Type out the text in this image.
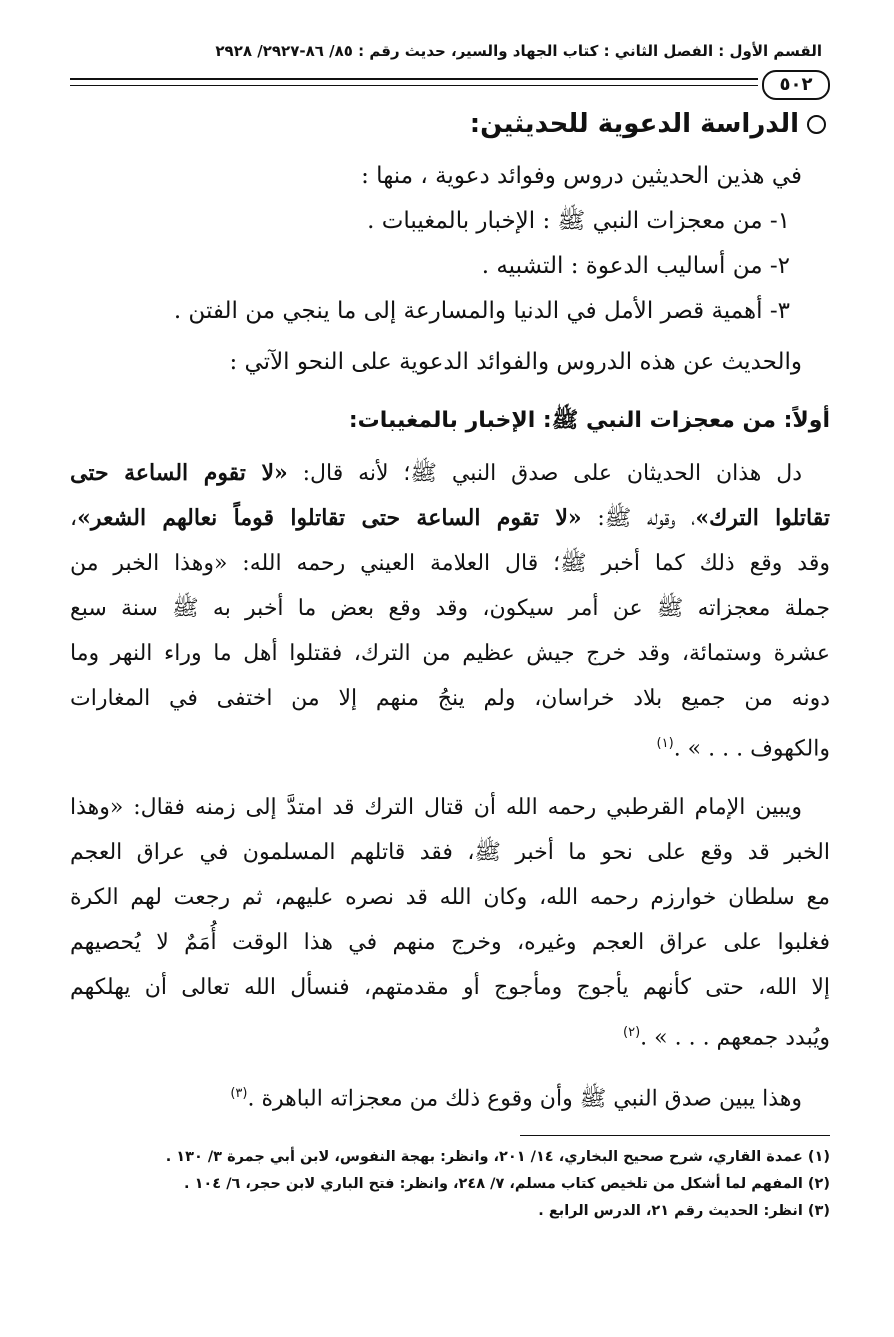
القسم الأول : الفصل الثاني : كتاب الجهاد والسير، حديث رقم : ٨٥/ ٨٦-٢٩٢٧/ ٢٩٢٨
٥٠٢
الدراسة الدعوية للحديثين:

في هذين الحديثين دروس وفوائد دعوية ، منها :

١- من معجزات النبي ﷺ : الإخبار بالمغيبات .

٢- من أساليب الدعوة : التشبيه .

٣- أهمية قصر الأمل في الدنيا والمسارعة إلى ما ينجي من الفتن .

والحديث عن هذه الدروس والفوائد الدعوية على النحو الآتي :

أولاً: من معجزات النبي ﷺ: الإخبار بالمغيبات:
دل هذان الحديثان على صدق النبي ﷺ؛ لأنه قال: «لا تقوم الساعة حتى
تقاتلوا الترك»، وقوله ﷺ: «لا تقوم الساعة حتى تقاتلوا قوماً نعالهم الشعر»،
وقد وقع ذلك كما أخبر ﷺ؛ قال العلامة العيني رحمه الله: «وهذا الخبر من
جملة معجزاته ﷺ عن أمر سيكون، وقد وقع بعض ما أخبر به ﷺ سنة سبع
عشرة وستمائة، وقد خرج جيش عظيم من الترك، فقتلوا أهل ما وراء النهر وما
دونه من جميع بلاد خراسان، ولم ينجُ منهم إلا من اختفى في المغارات
والكهوف . . . » .$^{(١)}$
ويبين الإمام القرطبي رحمه الله أن قتال الترك قد امتدَّ إلى زمنه فقال: «وهذا
الخبر قد وقع على نحو ما أخبر ﷺ، فقد قاتلهم المسلمون في عراق العجم
مع سلطان خوارزم رحمه الله، وكان الله قد نصره عليهم، ثم رجعت لهم الكرة
فغلبوا على عراق العجم وغيره، وخرج منهم في هذا الوقت أُمَمٌ لا يُحصيهم
إلا الله، حتى كأنهم يأجوج ومأجوج أو مقدمتهم، فنسأل الله تعالى أن يهلكهم
ويُبدد جمعهم . . . » .$^{(٢)}$
وهذا يبين صدق النبي ﷺ وأن وقوع ذلك من معجزاته الباهرة .$^{(٣)}$
(١) عمدة القاري، شرح صحيح البخاري، ١٤/ ٢٠١، وانظر: بهجة النفوس، لابن أبي جمرة ٣/ ١٣٠ .
(٢) المفهم لما أشكل من تلخيص كتاب مسلم، ٧/ ٢٤٨، وانظر: فتح الباري لابن حجر، ٦/ ١٠٤ .
(٣) انظر: الحديث رقم ٢١، الدرس الرابع .
